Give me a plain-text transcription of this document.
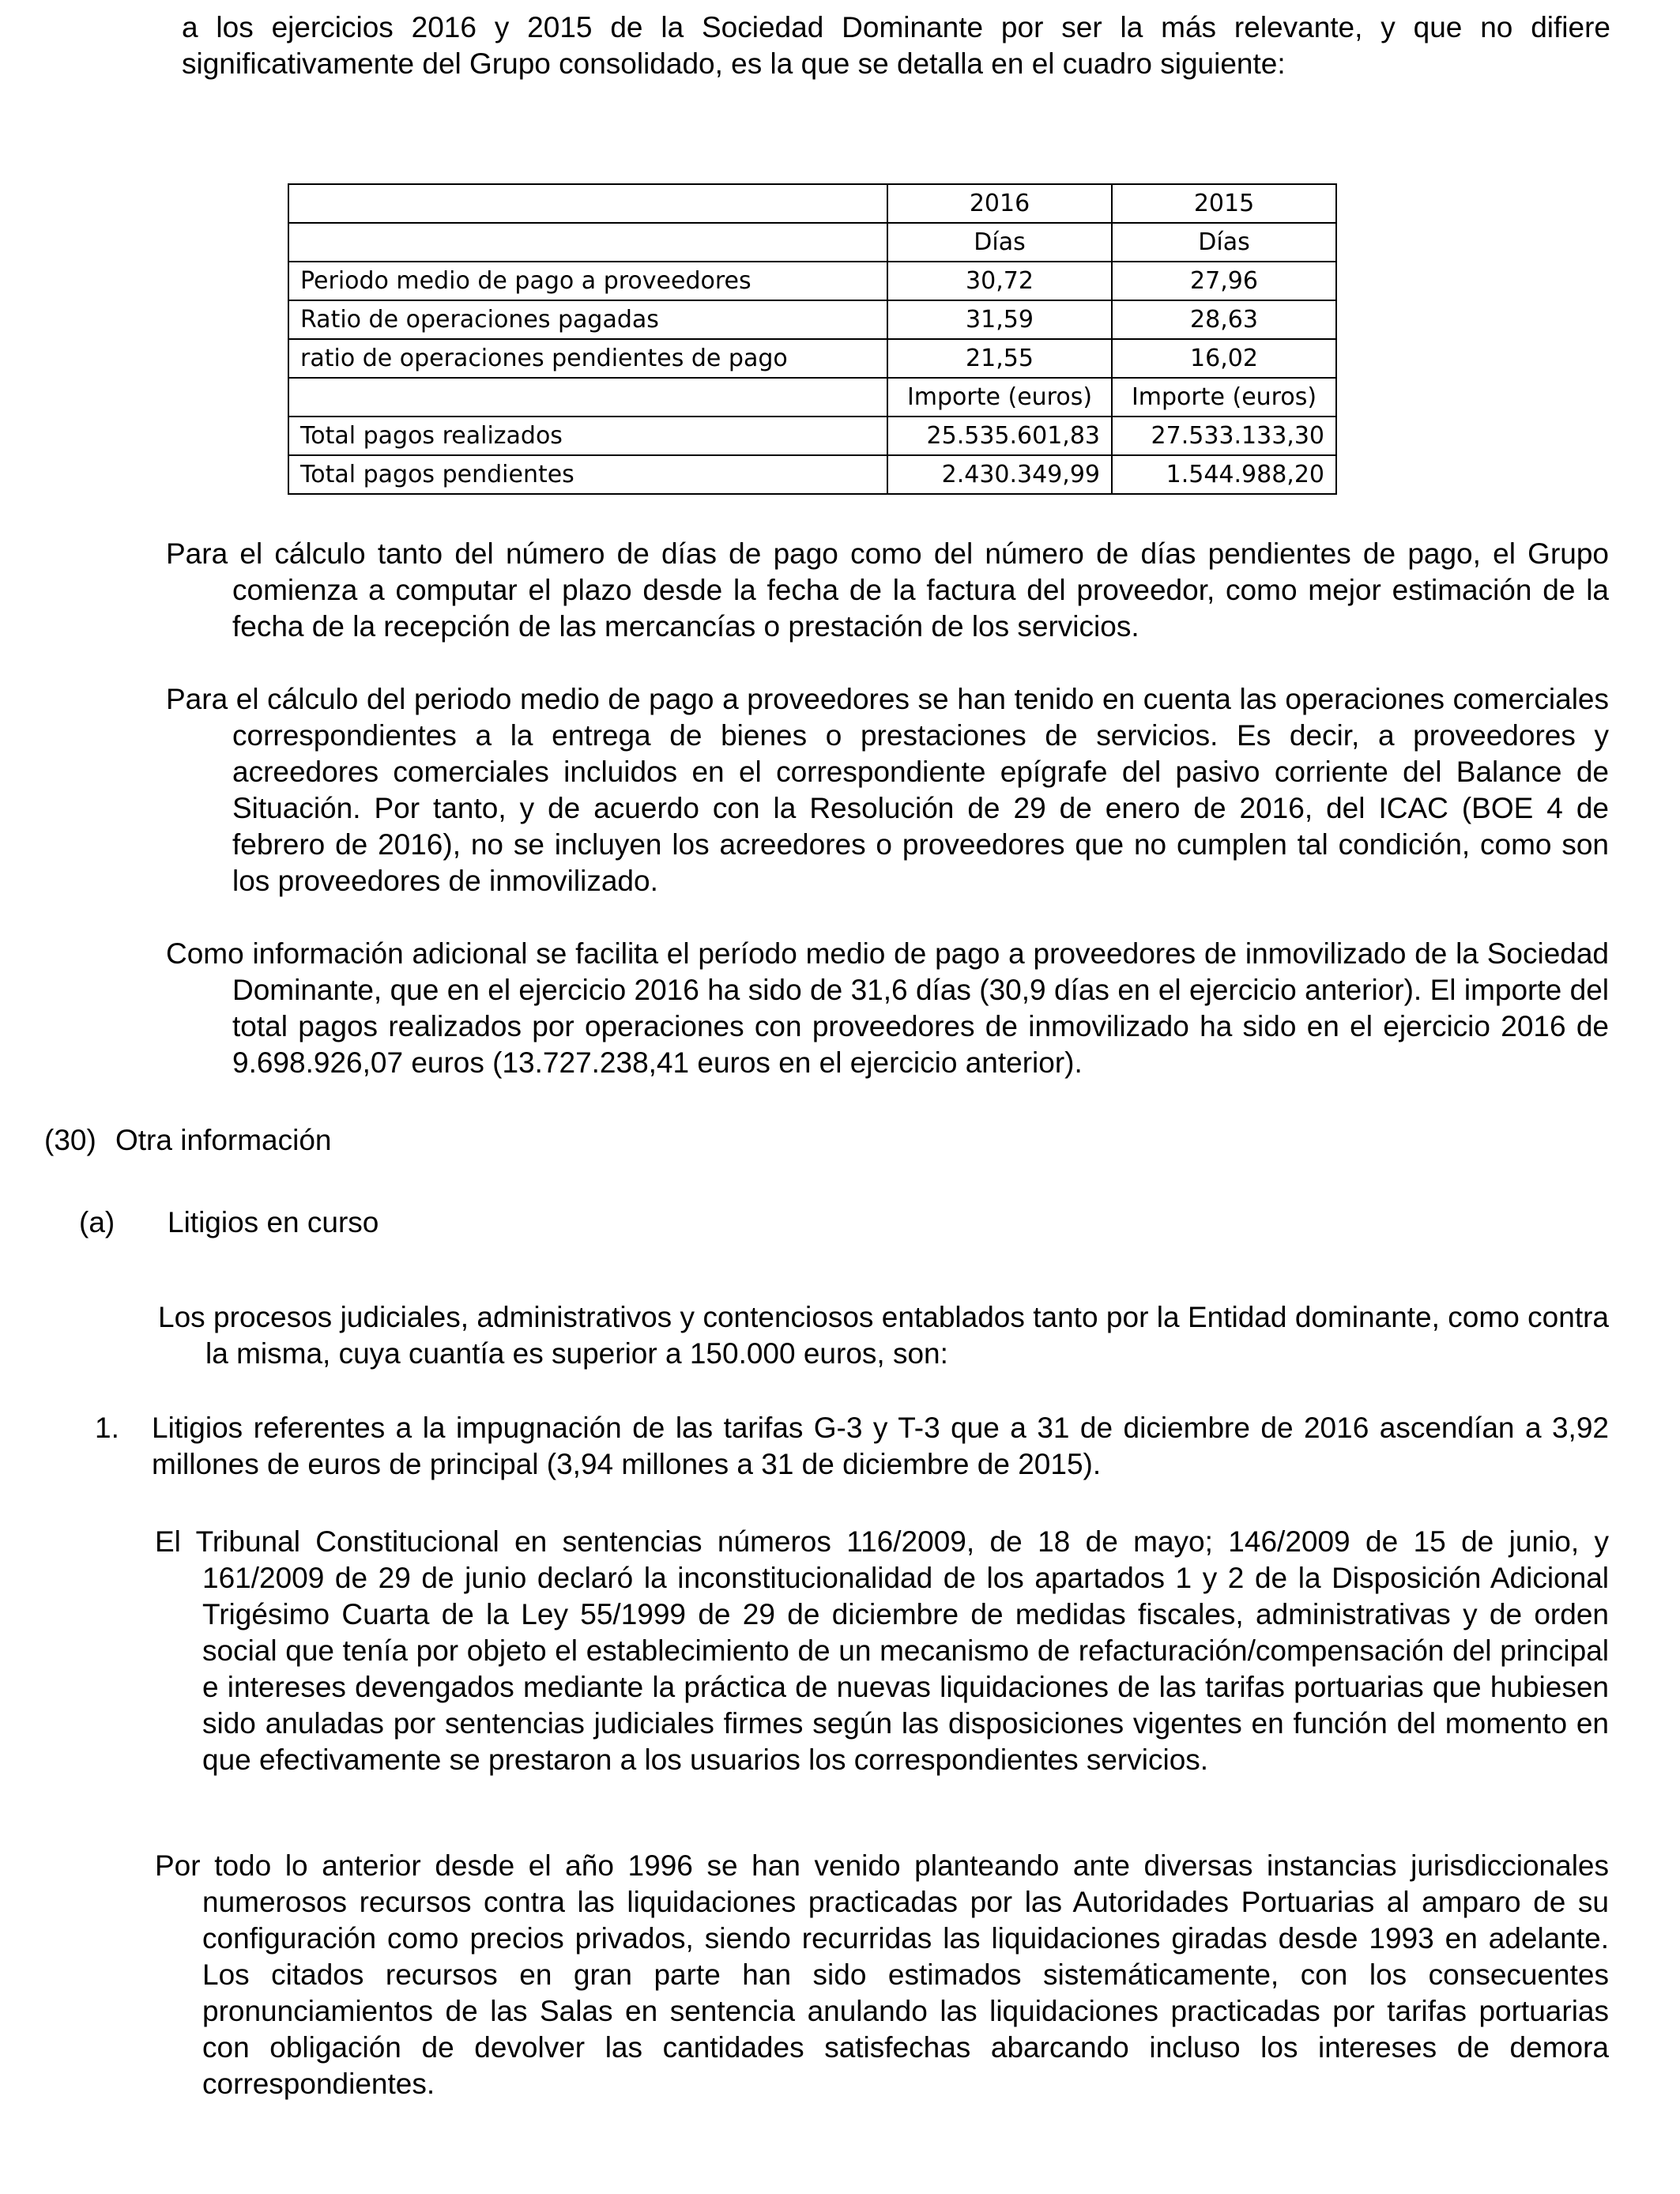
a los ejercicios 2016 y 2015 de la Sociedad Dominante por ser la más relevante, y que no difiere significativamente del Grupo consolidado, es la que se detalla en el cuadro siguiente:

	2016	2015
	Días	Días
Periodo medio de pago a proveedores	30,72	27,96
Ratio de operaciones pagadas	31,59	28,63
ratio de operaciones pendientes de pago	21,55	16,02
	Importe (euros)	Importe (euros)
Total pagos realizados	25.535.601,83	27.533.133,30
Total pagos pendientes	2.430.349,99	1.544.988,20

Para el cálculo tanto del número de días de pago como del número de días pendientes de pago, el Grupo comienza a computar el plazo desde la fecha de la factura del proveedor, como mejor estimación de la fecha de la recepción de las mercancías o prestación de los servicios.

Para el cálculo del periodo medio de pago a proveedores se han tenido en cuenta las operaciones comerciales correspondientes a la entrega de bienes o prestaciones de servicios. Es decir, a proveedores y acreedores comerciales incluidos en el correspondiente epígrafe del pasivo corriente del Balance de Situación. Por tanto, y de acuerdo con la Resolución de 29 de enero de 2016, del ICAC (BOE 4 de febrero de 2016), no se incluyen los acreedores o proveedores que no cumplen tal condición, como son los proveedores de inmovilizado.

Como información adicional se facilita el período medio de pago a proveedores de inmovilizado de la Sociedad Dominante, que en el ejercicio 2016 ha sido de 31,6 días (30,9 días en el ejercicio anterior). El importe del total pagos realizados por operaciones con proveedores de inmovilizado ha sido en el ejercicio 2016 de 9.698.926,07 euros (13.727.238,41 euros en el ejercicio anterior).

(30) Otra información
(a) Litigios en curso

Los procesos judiciales, administrativos y contenciosos entablados tanto por la Entidad dominante, como contra la misma, cuya cuantía es superior a 150.000 euros, son:

1. Litigios referentes a la impugnación de las tarifas G-3 y T-3 que a 31 de diciembre de 2016 ascendían a 3,92 millones de euros de principal (3,94 millones a 31 de diciembre de 2015).

El Tribunal Constitucional en sentencias números 116/2009, de 18 de mayo; 146/2009 de 15 de junio, y 161/2009 de 29 de junio declaró la inconstitucionalidad de los apartados 1 y 2 de la Disposición Adicional Trigésimo Cuarta de la Ley 55/1999 de 29 de diciembre de medidas fiscales, administrativas y de orden social que tenía por objeto el establecimiento de un mecanismo de refacturación/compensación del principal e intereses devengados mediante la práctica de nuevas liquidaciones de las tarifas portuarias que hubiesen sido anuladas por sentencias judiciales firmes según las disposiciones vigentes en función del momento en que efectivamente se prestaron a los usuarios los correspondientes servicios.

Por todo lo anterior desde el año 1996 se han venido planteando ante diversas instancias jurisdiccionales numerosos recursos contra las liquidaciones practicadas por las Autoridades Portuarias al amparo de su configuración como precios privados, siendo recurridas las liquidaciones giradas desde 1993 en adelante. Los citados recursos en gran parte han sido estimados sistemáticamente, con los consecuentes pronunciamientos de las Salas en sentencia anulando las liquidaciones practicadas por tarifas portuarias con obligación de devolver las cantidades satisfechas abarcando incluso los intereses de demora correspondientes.
